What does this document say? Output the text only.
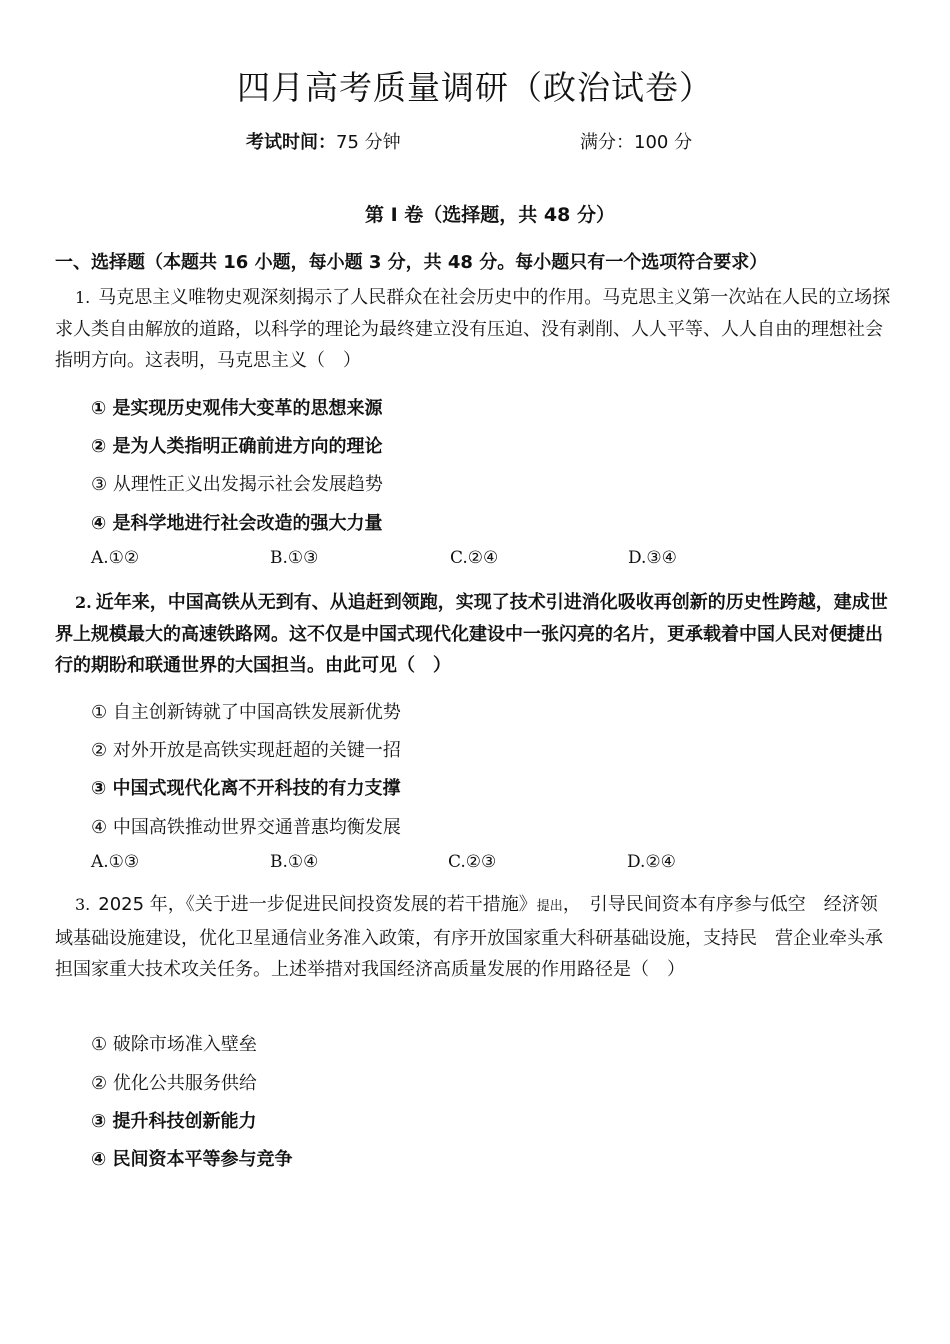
四月高考质量调研（政治试卷）
考试时间：75 分钟	满分：100 分
第 Ⅰ 卷（选择题，共 48 分）
一、选择题（本题共 16 小题，每小题 3 分，共 48 分。每小题只有一个选项符合要求）
1. 马克思主义唯物史观深刻揭示了人民群众在社会历史中的作用。马克思主义第一次站在人民的立场探求人类自由解放的道路，以科学的理论为最终建立没有压迫、没有剥削、人人平等、人人自由的理想社会指明方向。这表明，马克思主义（　）
① 是实现历史观伟大变革的思想来源
② 是为人类指明正确前进方向的理论
③ 从理性正义出发揭示社会发展趋势
④ 是科学地进行社会改造的强大力量
A.①②	B.①③	C.②④	D.③④
2. 近年来，中国高铁从无到有、从追赶到领跑，实现了技术引进消化吸收再创新的历史性跨越，建成世界上规模最大的高速铁路网。这不仅是中国式现代化建设中一张闪亮的名片，更承载着中国人民对便捷出行的期盼和联通世界的大国担当。由此可见（　）
① 自主创新铸就了中国高铁发展新优势
② 对外开放是高铁实现赶超的关键一招
③ 中国式现代化离不开科技的有力支撑
④ 中国高铁推动世界交通普惠均衡发展
A.①③	B.①④	C.②③	D.②④
3. 2025 年，《关于进一步促进民间投资发展的若干措施》提出，　引导民间资本有序参与低空　经济领域基础设施建设，优化卫星通信业务准入政策，有序开放国家重大科研基础设施，支持民　营企业牵头承担国家重大技术攻关任务。上述举措对我国经济高质量发展的作用路径是（　）
① 破除市场准入壁垒
② 优化公共服务供给
③ 提升科技创新能力
④ 民间资本平等参与竞争
